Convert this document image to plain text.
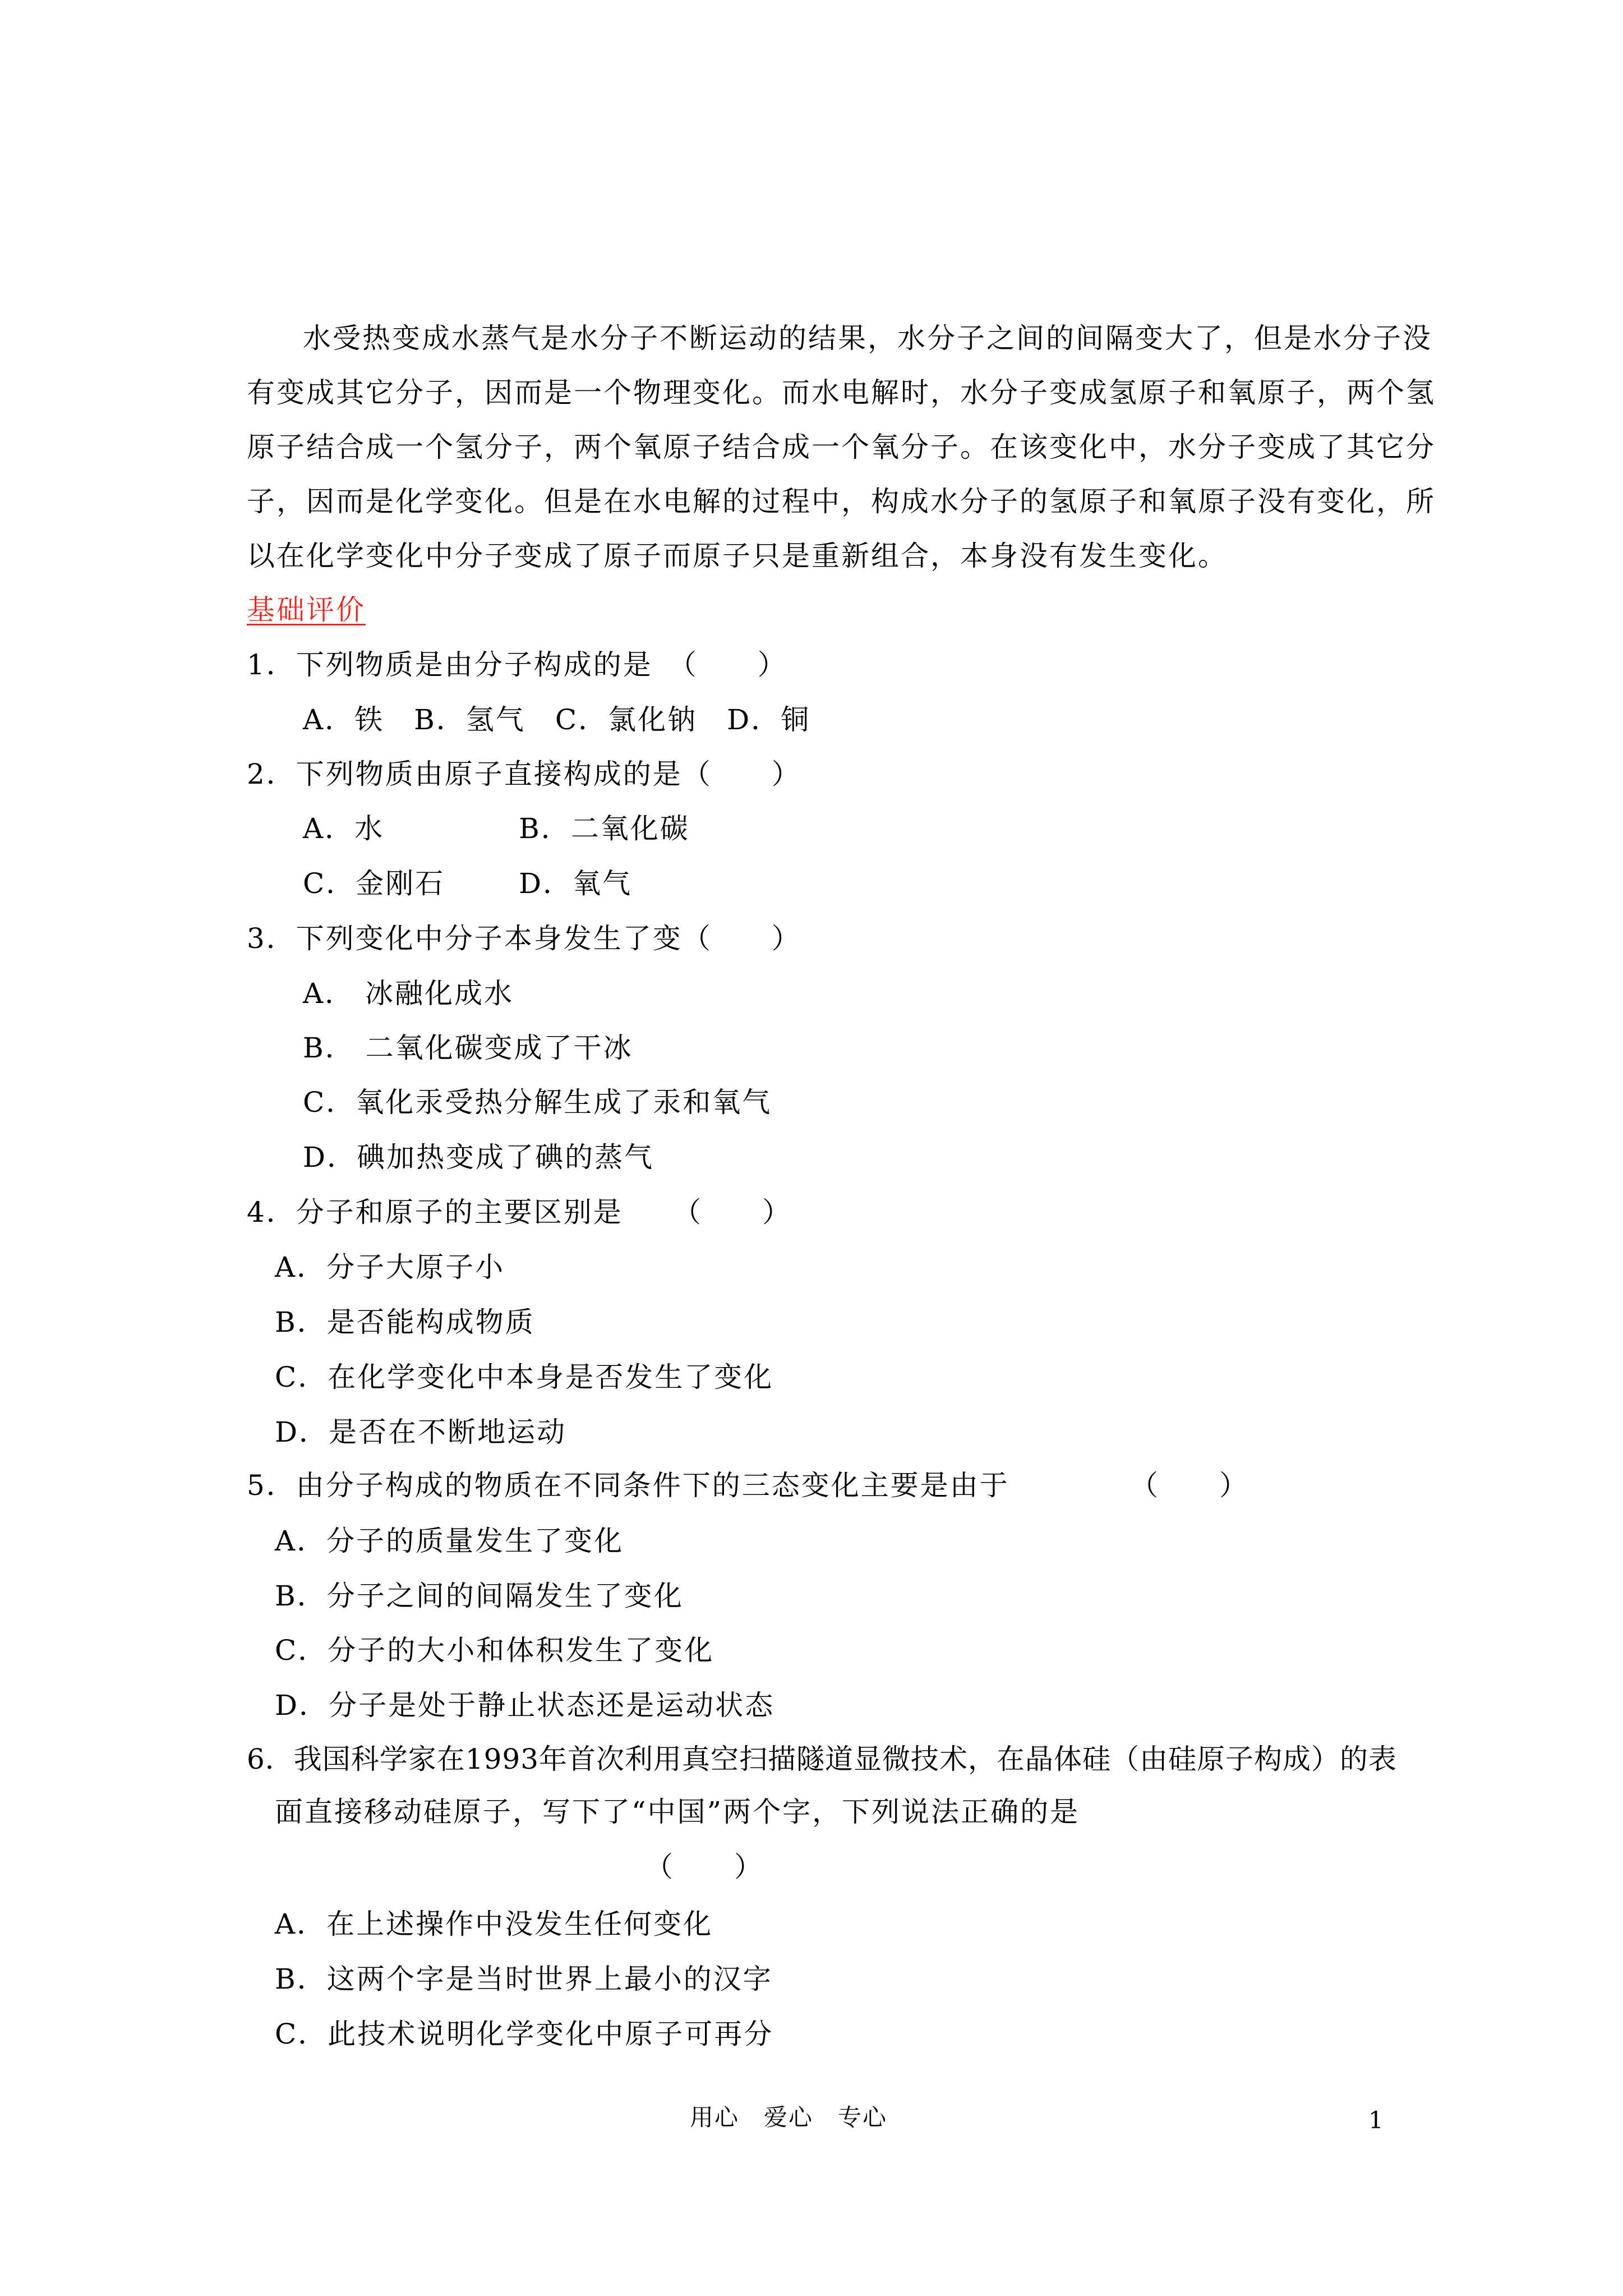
水受热变成水蒸气是水分子不断运动的结果，水分子之间的间隔变大了，但是水分子没
有变成其它分子，因而是一个物理变化。而水电解时，水分子变成氢原子和氧原子，两个氢
原子结合成一个氢分子，两个氧原子结合成一个氧分子。在该变化中，水分子变成了其它分
子，因而是化学变化。但是在水电解的过程中，构成水分子的氢原子和氧原子没有变化，所
以在化学变化中分子变成了原子而原子只是重新组合，本身没有发生变化。
基础评价
1．下列物质是由分子构成的是　（　　）
A．铁　B．氢气　C．氯化钠　D．铜
2．下列物质由原子直接构成的是（　　）
A．水	B．二氧化碳
C．金刚石	D．氧气
3．下列变化中分子本身发生了变（　　）
A． 冰融化成水
B． 二氧化碳变成了干冰
C．氧化汞受热分解生成了汞和氧气
D．碘加热变成了碘的蒸气
4．分子和原子的主要区别是 （　　）
A．分子大原子小
B．是否能构成物质
C．在化学变化中本身是否发生了变化
D．是否在不断地运动
5．由分子构成的物质在不同条件下的三态变化主要是由于	（　　）
A．分子的质量发生了变化
B．分子之间的间隔发生了变化
C．分子的大小和体积发生了变化
D．分子是处于静止状态还是运动状态
6．我国科学家在1993年首次利用真空扫描隧道显微技术，在晶体硅（由硅原子构成）的表
面直接移动硅原子，写下了“中国”两个字，下列说法正确的是
（　　）
A．在上述操作中没发生任何变化
B．这两个字是当时世界上最小的汉字
C．此技术说明化学变化中原子可再分
用心　爱心　专心	1
